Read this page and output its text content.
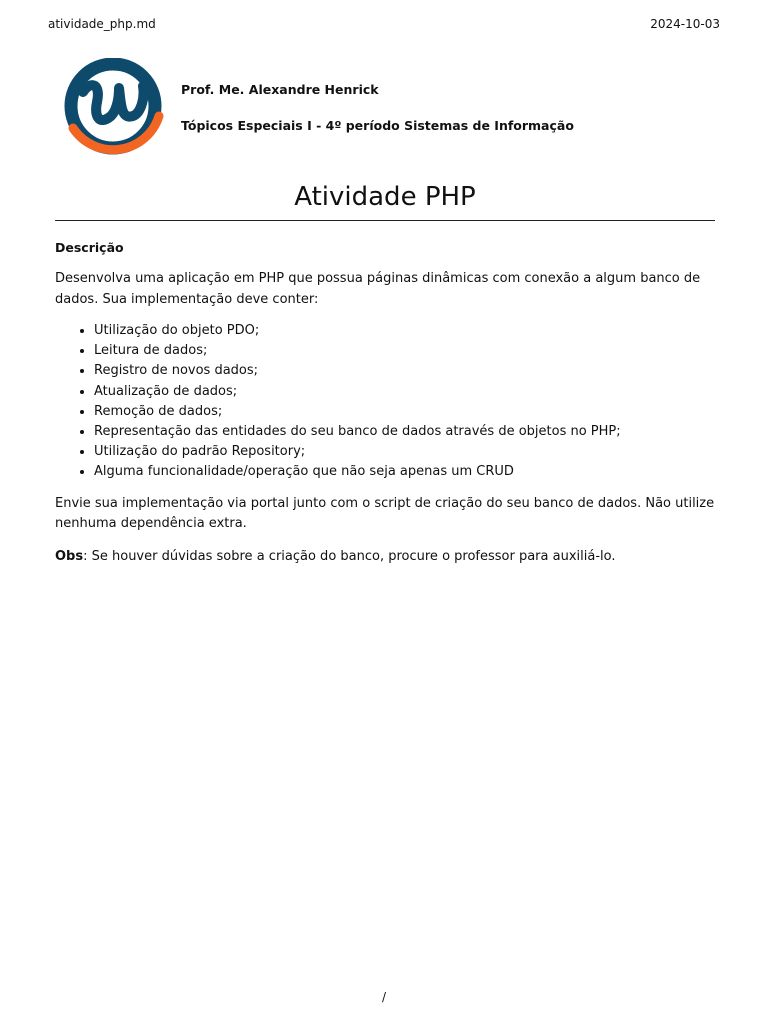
atividade_php.md	2024-10-03
Prof. Me. Alexandre Henrick
Tópicos Especiais I - 4º período Sistemas de Informação
Atividade PHP
Descrição

Desenvolva uma aplicação em PHP que possua páginas dinâmicas com conexão a algum banco de dados. Sua implementação deve conter:

• Utilização do objeto PDO;
• Leitura de dados;
• Registro de novos dados;
• Atualização de dados;
• Remoção de dados;
• Representação das entidades do seu banco de dados através de objetos no PHP;
• Utilização do padrão Repository;
• Alguma funcionalidade/operação que não seja apenas um CRUD

Envie sua implementação via portal junto com o script de criação do seu banco de dados. Não utilize nenhuma dependência extra.

Obs: Se houver dúvidas sobre a criação do banco, procure o professor para auxiliá-lo.

/
